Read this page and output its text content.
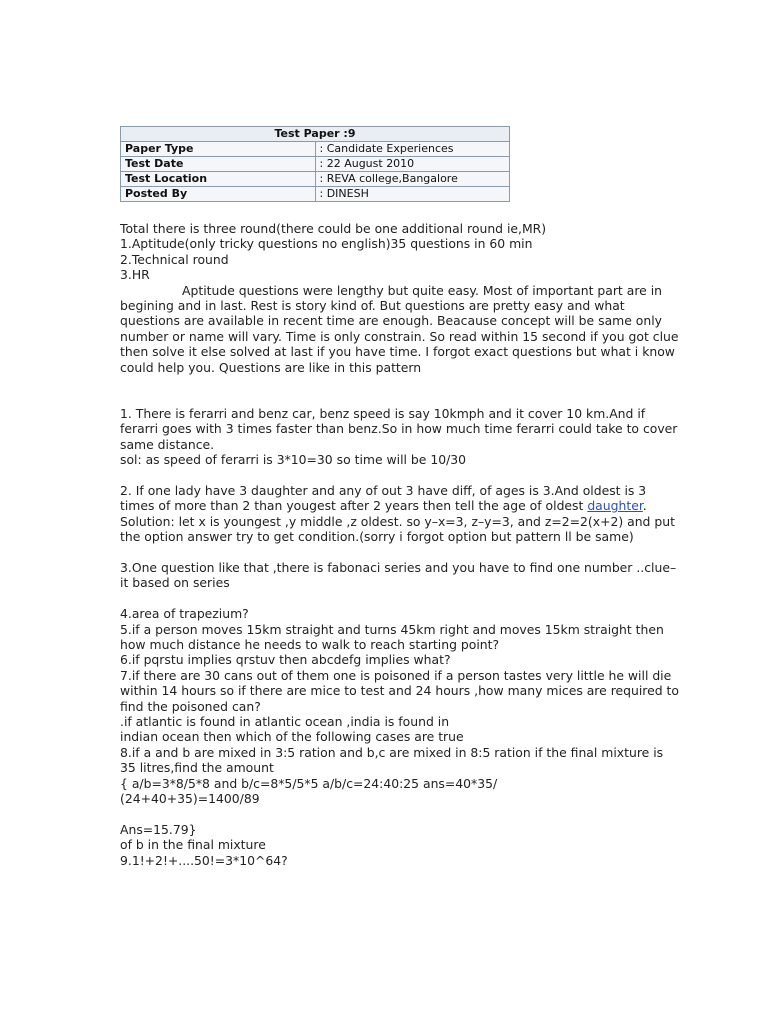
Test Paper :9	
Paper Type	: Candidate Experiences
Test Date	: 22 August 2010
Test Location	: REVA college,Bangalore
Posted By	: DINESH

Total there is three round(there could be one additional round ie,MR)

1.Aptitude(only tricky questions no english)35 questions in 60 min

2.Technical round

3.HR

Aptitude questions were lengthy but quite easy. Most of important part are in begining and in last. Rest is story kind of. But questions are pretty easy and what questions are available in recent time are enough. Beacause concept will be same only number or name will vary. Time is only constrain. So read within 15 second if you got clue then solve it else solved at last if you have time. I forgot exact questions but what i know could help you. Questions are like in this pattern

1. There is ferarri and benz car, benz speed is say 10kmph and it cover 10 km.And if ferarri goes with 3 times faster than benz.So in how much time ferarri could take to cover same distance.

sol: as speed of ferarri is 3*10=30 so time will be 10/30

2. If one lady have 3 daughter and any of out 3 have diff, of ages is 3.And oldest is 3 times of more than 2 than yougest after 2 years then tell the age of oldest daughter. Solution: let x is youngest ,y middle ,z oldest. so y–x=3, z–y=3, and z=2=2(x+2) and put the option answer try to get condition.(sorry i forgot option but pattern ll be same)

3.One question like that ,there is fabonaci series and you have to find one number ..clue–it based on series

4.area of trapezium?

5.if a person moves 15km straight and turns 45km right and moves 15km straight then how much distance he needs to walk to reach starting point?

6.if pqrstu implies qrstuv then abcdefg implies what?

7.if there are 30 cans out of them one is poisoned if a person tastes very little he will die within 14 hours so if there are mice to test and 24 hours ,how many mices are required to find the poisoned can?

.if atlantic is found in atlantic ocean ,india is found in

indian ocean then which of the following cases are true

8.if a and b are mixed in 3:5 ration and b,c are mixed in 8:5 ration if the final mixture is 35 litres,find the amount

{ a/b=3*8/5*8 and b/c=8*5/5*5 a/b/c=24:40:25 ans=40*35/

(24+40+35)=1400/89

Ans=15.79}

of b in the final mixture

9.1!+2!+....50!=3*10^64?
